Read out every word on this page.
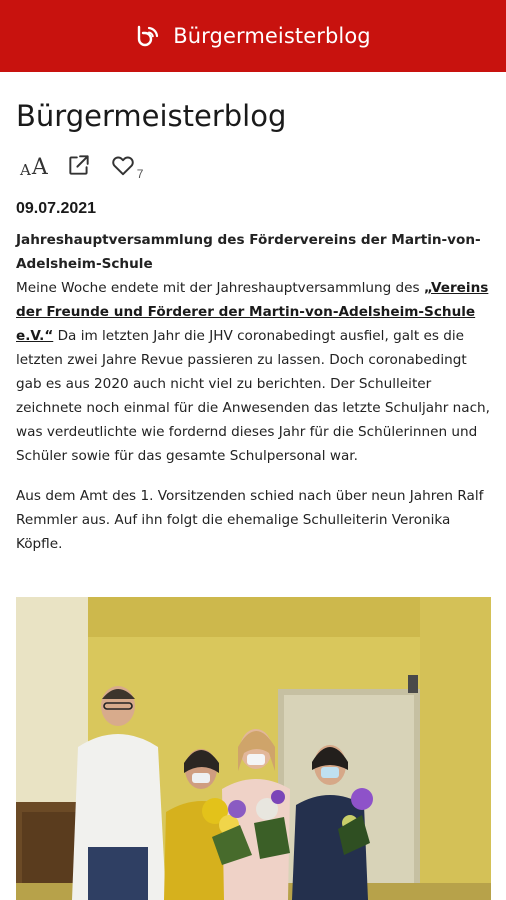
Bürgermeisterblog
Bürgermeisterblog
A A	7
09.07.2021
Jahreshauptversammlung des Fördervereins der Martin-von-Adelsheim-Schule

Meine Woche endete mit der Jahreshauptversammlung des „Vereins der Freunde und Förderer der Martin-von-Adelsheim-Schule e.V.“ Da im letzten Jahr die JHV coronabedingt ausfiel, galt es die letzten zwei Jahre Revue passieren zu lassen. Doch coronabedingt gab es aus 2020 auch nicht viel zu berichten. Der Schulleiter zeichnete noch einmal für die Anwesenden das letzte Schuljahr nach, was verdeutlichte wie fordernd dieses Jahr für die Schülerinnen und Schüler sowie für das gesamte Schulpersonal war.

Aus dem Amt des 1. Vorsitzenden schied nach über neun Jahren Ralf Remmler aus. Auf ihn folgt die ehemalige Schulleiterin Veronika Köpfle.
